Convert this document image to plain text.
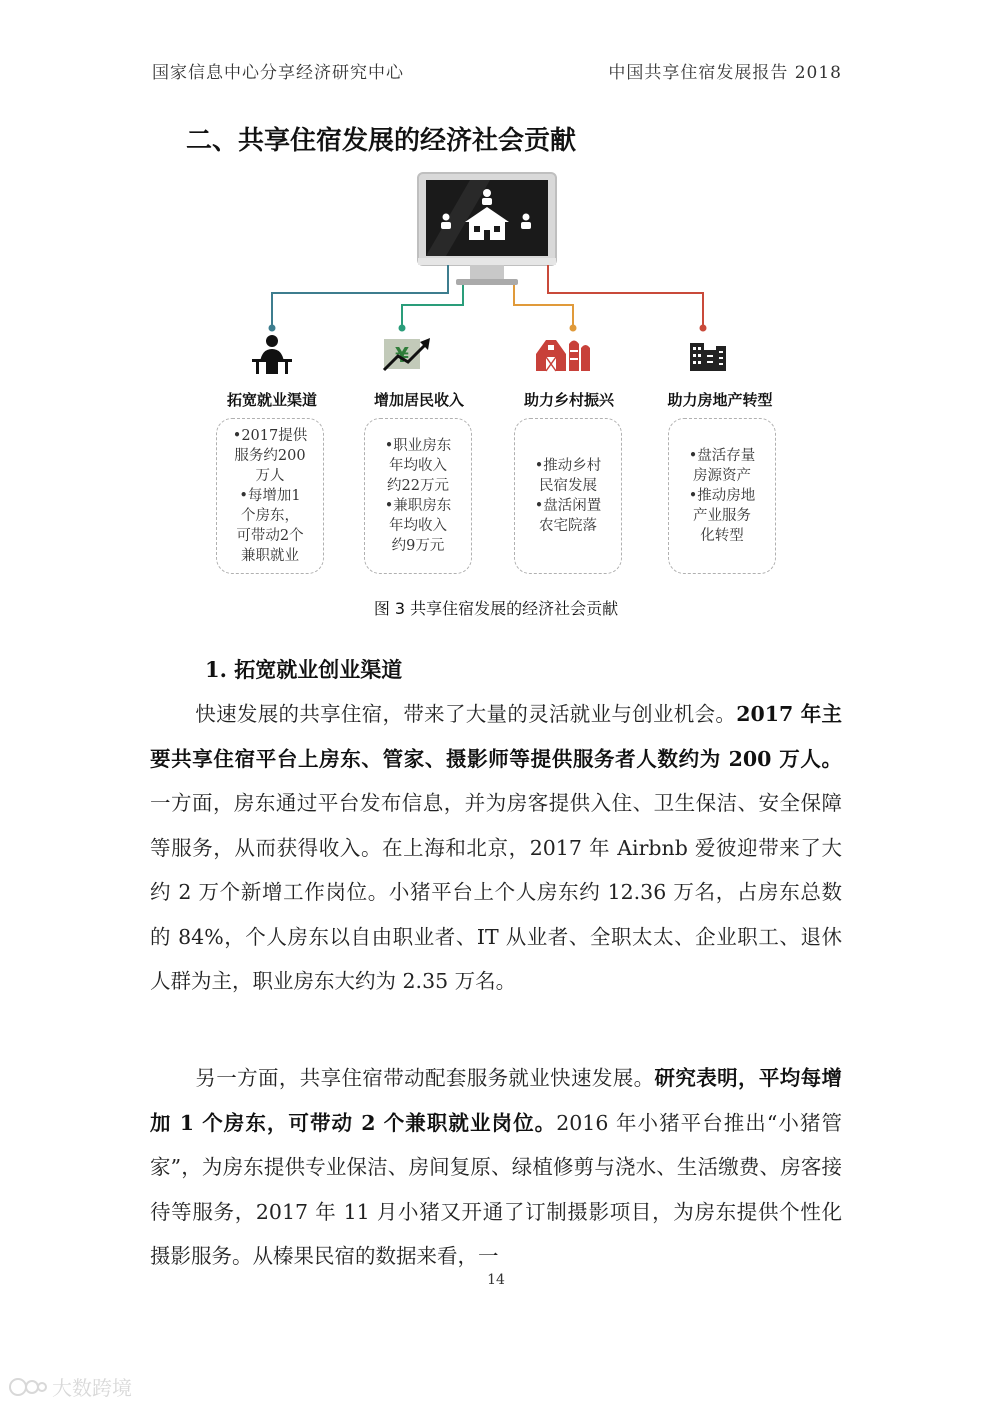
国家信息中心分享经济研究中心	中国共享住宿发展报告 2018
二、共享住宿发展的经济社会贡献
¥
拓宽就业渠道	增加居民收入	助力乡村振兴	助力房地产转型
•2017提供
服务约200
万人
•每增加1
个房东，
可带动2个
兼职就业
•职业房东
年均收入
约22万元
•兼职房东
年均收入
约9万元
•推动乡村
民宿发展
•盘活闲置
农宅院落
•盘活存量
房源资产
•推动房地
产业服务
化转型
图 3 共享住宿发展的经济社会贡献
1. 拓宽就业创业渠道
快速发展的共享住宿，带来了大量的灵活就业与创业机会。2017 年主要共享住宿平台上房东、管家、摄影师等提供服务者人数约为 200 万人。一方面，房东通过平台发布信息，并为房客提供入住、卫生保洁、安全保障等服务，从而获得收入。在上海和北京，2017 年 Airbnb 爱彼迎带来了大约 2 万个新增工作岗位。小猪平台上个人房东约 12.36 万名，占房东总数的 84%，个人房东以自由职业者、IT 从业者、全职太太、企业职工、退休人群为主，职业房东大约为 2.35 万名。
另一方面，共享住宿带动配套服务就业快速发展。研究表明，平均每增加 1 个房东，可带动 2 个兼职就业岗位。2016 年小猪平台推出“小猪管家”，为房东提供专业保洁、房间复原、绿植修剪与浇水、生活缴费、房客接待等服务，2017 年 11 月小猪又开通了订制摄影项目，为房东提供个性化摄影服务。从榛果民宿的数据来看，一
14
大数跨境
